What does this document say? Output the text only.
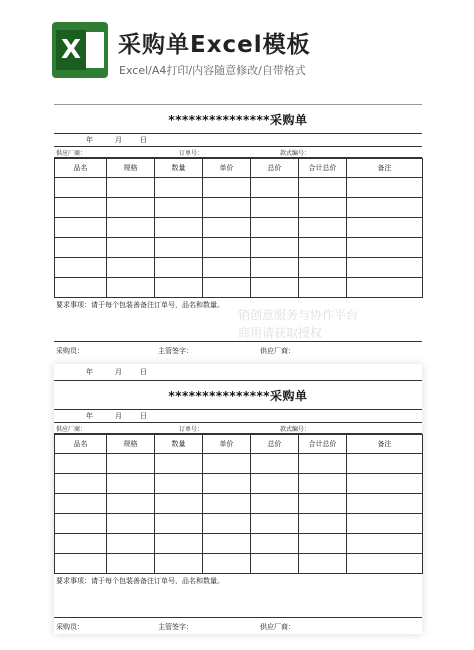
X 采购单Excel模板
Excel/A4打印/内容随意修改/自带格式
***************采购单
年	月	日
供应厂商：	订单号：	款式编号：
品名	规格	数量	单价	总价	合计总价	备注

要求事项：请于每个包装善备注订单号，品名和数量。
采购员：	主管签字：	供应厂商：
年	月	日
***************采购单
年	月	日
供应厂商：	订单号：	款式编号：
品名	规格	数量	单价	总价	合计总价	备注

要求事项：请于每个包装善备注订单号，品名和数量。
采购员：	主管签字：	供应厂商：
销创意服务与协作平台
商用请获取授权
